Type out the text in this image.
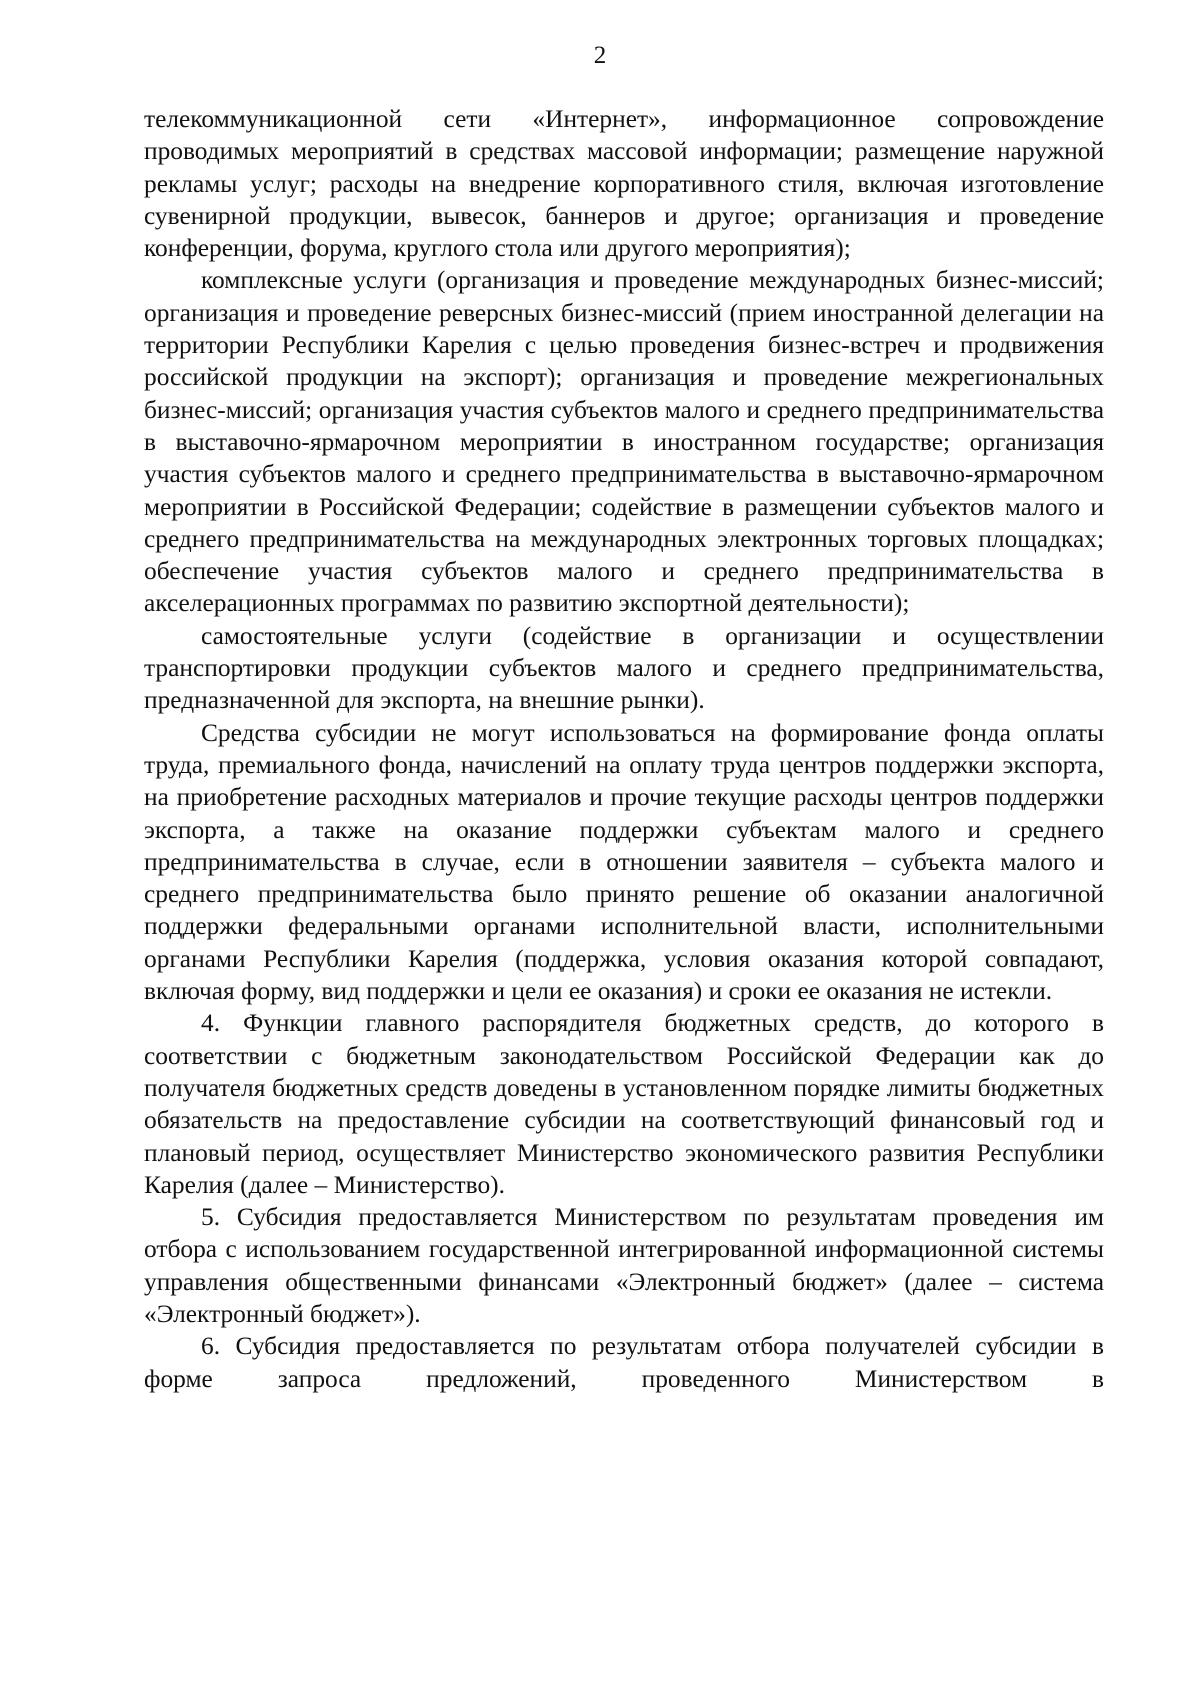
2

телекоммуникационной сети «Интернет», информационное сопровождение проводимых мероприятий в средствах массовой информации; размещение наружной рекламы услуг; расходы на внедрение корпоративного стиля, включая изготовление сувенирной продукции, вывесок, баннеров и другое; организация и проведение конференции, форума, круглого стола или другого мероприятия);

комплексные услуги (организация и проведение международных бизнес-миссий; организация и проведение реверсных бизнес-миссий (прием иностранной делегации на территории Республики Карелия с целью проведения бизнес-встреч и продвижения российской продукции на экспорт); организация и проведение межрегиональных бизнес-миссий; организация участия субъектов малого и среднего предпринимательства в выставочно-ярмарочном мероприятии в иностранном государстве; организация участия субъектов малого и среднего предпринимательства в выставочно-ярмарочном мероприятии в Российской Федерации; содействие в размещении субъектов малого и среднего предпринимательства на международных электронных торговых площадках; обеспечение участия субъектов малого и среднего предпринимательства в акселерационных программах по развитию экспортной деятельности);

самостоятельные услуги (содействие в организации и осуществлении транспортировки продукции субъектов малого и среднего предпринимательства, предназначенной для экспорта, на внешние рынки).

Средства субсидии не могут использоваться на формирование фонда оплаты труда, премиального фонда, начислений на оплату труда центров поддержки экспорта, на приобретение расходных материалов и прочие текущие расходы центров поддержки экспорта, а также на оказание поддержки субъектам малого и среднего предпринимательства в случае, если в отношении заявителя – субъекта малого и среднего предпринимательства было принято решение об оказании аналогичной поддержки федеральными органами исполнительной власти, исполнительными органами Республики Карелия (поддержка, условия оказания которой совпадают, включая форму, вид поддержки и цели ее оказания) и сроки ее оказания не истекли.

4. Функции главного распорядителя бюджетных средств, до которого в соответствии с бюджетным законодательством Российской Федерации как до получателя бюджетных средств доведены в установленном порядке лимиты бюджетных обязательств на предоставление субсидии на соответствующий финансовый год и плановый период, осуществляет Министерство экономического развития Республики Карелия (далее – Министерство).

5. Субсидия предоставляется Министерством по результатам проведения им отбора с использованием государственной интегрированной информационной системы управления общественными финансами «Электронный бюджет» (далее – система «Электронный бюджет»).

6. Субсидия предоставляется по результатам отбора получателей субсидии в форме запроса предложений, проведенного Министерством в
